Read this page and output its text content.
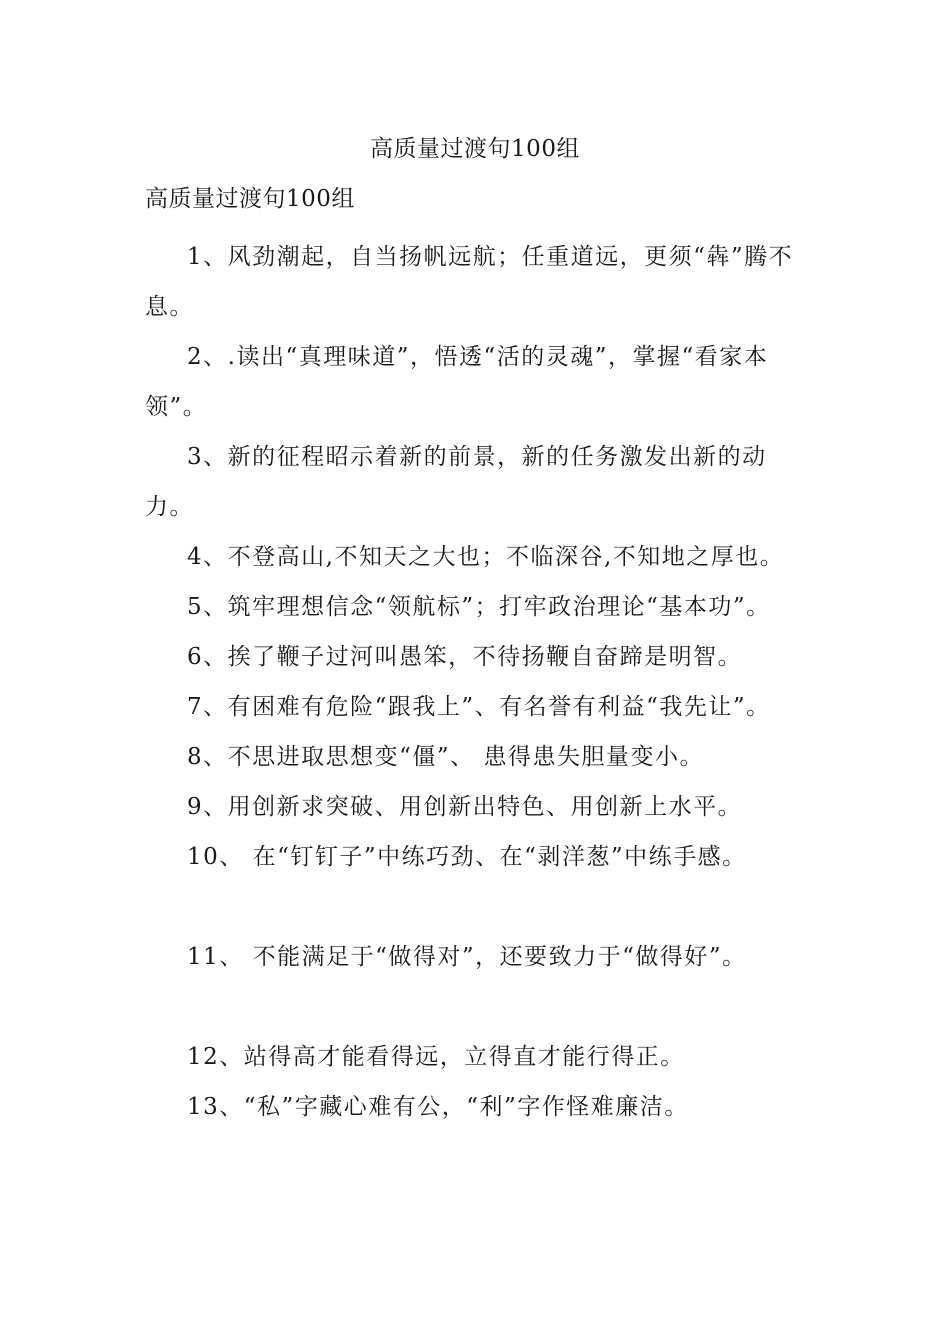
高质量过渡句100组
高质量过渡句100组
1、风劲潮起，自当扬帆远航；任重道远，更须“犇”腾不息。
2、.读出“真理味道”，悟透“活的灵魂”，掌握“看家本领”。
3、新的征程昭示着新的前景，新的任务激发出新的动力。
4、不登高山,不知天之大也；不临深谷,不知地之厚也。
5、筑牢理想信念“领航标”；打牢政治理论“基本功”。
6、挨了鞭子过河叫愚笨，不待扬鞭自奋蹄是明智。
7、有困难有危险“跟我上”、有名誉有利益“我先让”。
8、不思进取思想变“僵”、 患得患失胆量变小。
9、用创新求突破、用创新出特色、用创新上水平。
10、 在“钉钉子”中练巧劲、在“剥洋葱”中练手感。
11、 不能满足于“做得对”，还要致力于“做得好”。
12、站得高才能看得远，立得直才能行得正。
13、“私”字藏心难有公，“利”字作怪难廉洁。
